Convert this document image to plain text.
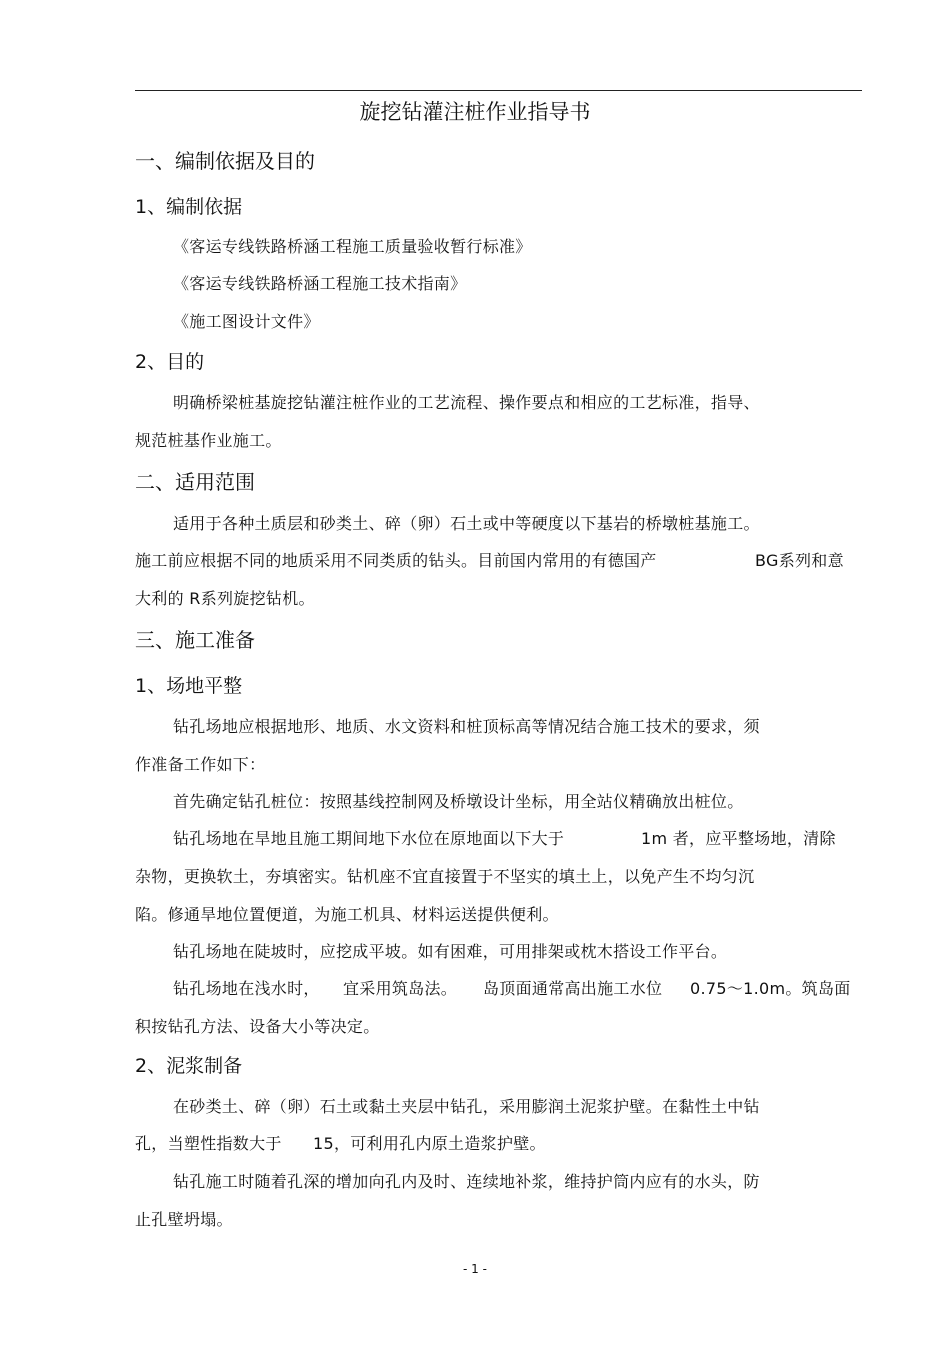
旋挖钻灌注桩作业指导书
一、编制依据及目的
1、编制依据
《客运专线铁路桥涵工程施工质量验收暂行标准》
《客运专线铁路桥涵工程施工技术指南》
《施工图设计文件》
2、目的
明确桥梁桩基旋挖钻灌注桩作业的工艺流程、操作要点和相应的工艺标准，指导、
规范桩基作业施工。
二、适用范围
适用于各种土质层和砂类土、碎（卵）石土或中等硬度以下基岩的桥墩桩基施工。
施工前应根据不同的地质采用不同类质的钻头。目前国内常用的有德国产	BG系列和意
大利的 R系列旋挖钻机。
三、施工准备
1、场地平整
钻孔场地应根据地形、地质、水文资料和桩顶标高等情况结合施工技术的要求，须
作准备工作如下：
首先确定钻孔桩位：按照基线控制网及桥墩设计坐标，用全站仪精确放出桩位。
钻孔场地在旱地且施工期间地下水位在原地面以下大于	1m 者，应平整场地，清除
杂物，更换软土，夯填密实。钻机座不宜直接置于不坚实的填土上，以免产生不均匀沉
陷。修通旱地位置便道，为施工机具、材料运送提供便利。
钻孔场地在陡坡时，应挖成平坡。如有困难，可用排架或枕木搭设工作平台。
钻孔场地在浅水时， 宜采用筑岛法。 岛顶面通常高出施工水位 0.75～1.0m。筑岛面
积按钻孔方法、设备大小等决定。
2、泥浆制备
在砂类土、碎（卵）石土或黏土夹层中钻孔，采用膨润土泥浆护壁。在黏性土中钻
孔，当塑性指数大于 15，可利用孔内原土造浆护壁。
钻孔施工时随着孔深的增加向孔内及时、连续地补浆，维持护筒内应有的水头，防
止孔壁坍塌。
- 1 -
